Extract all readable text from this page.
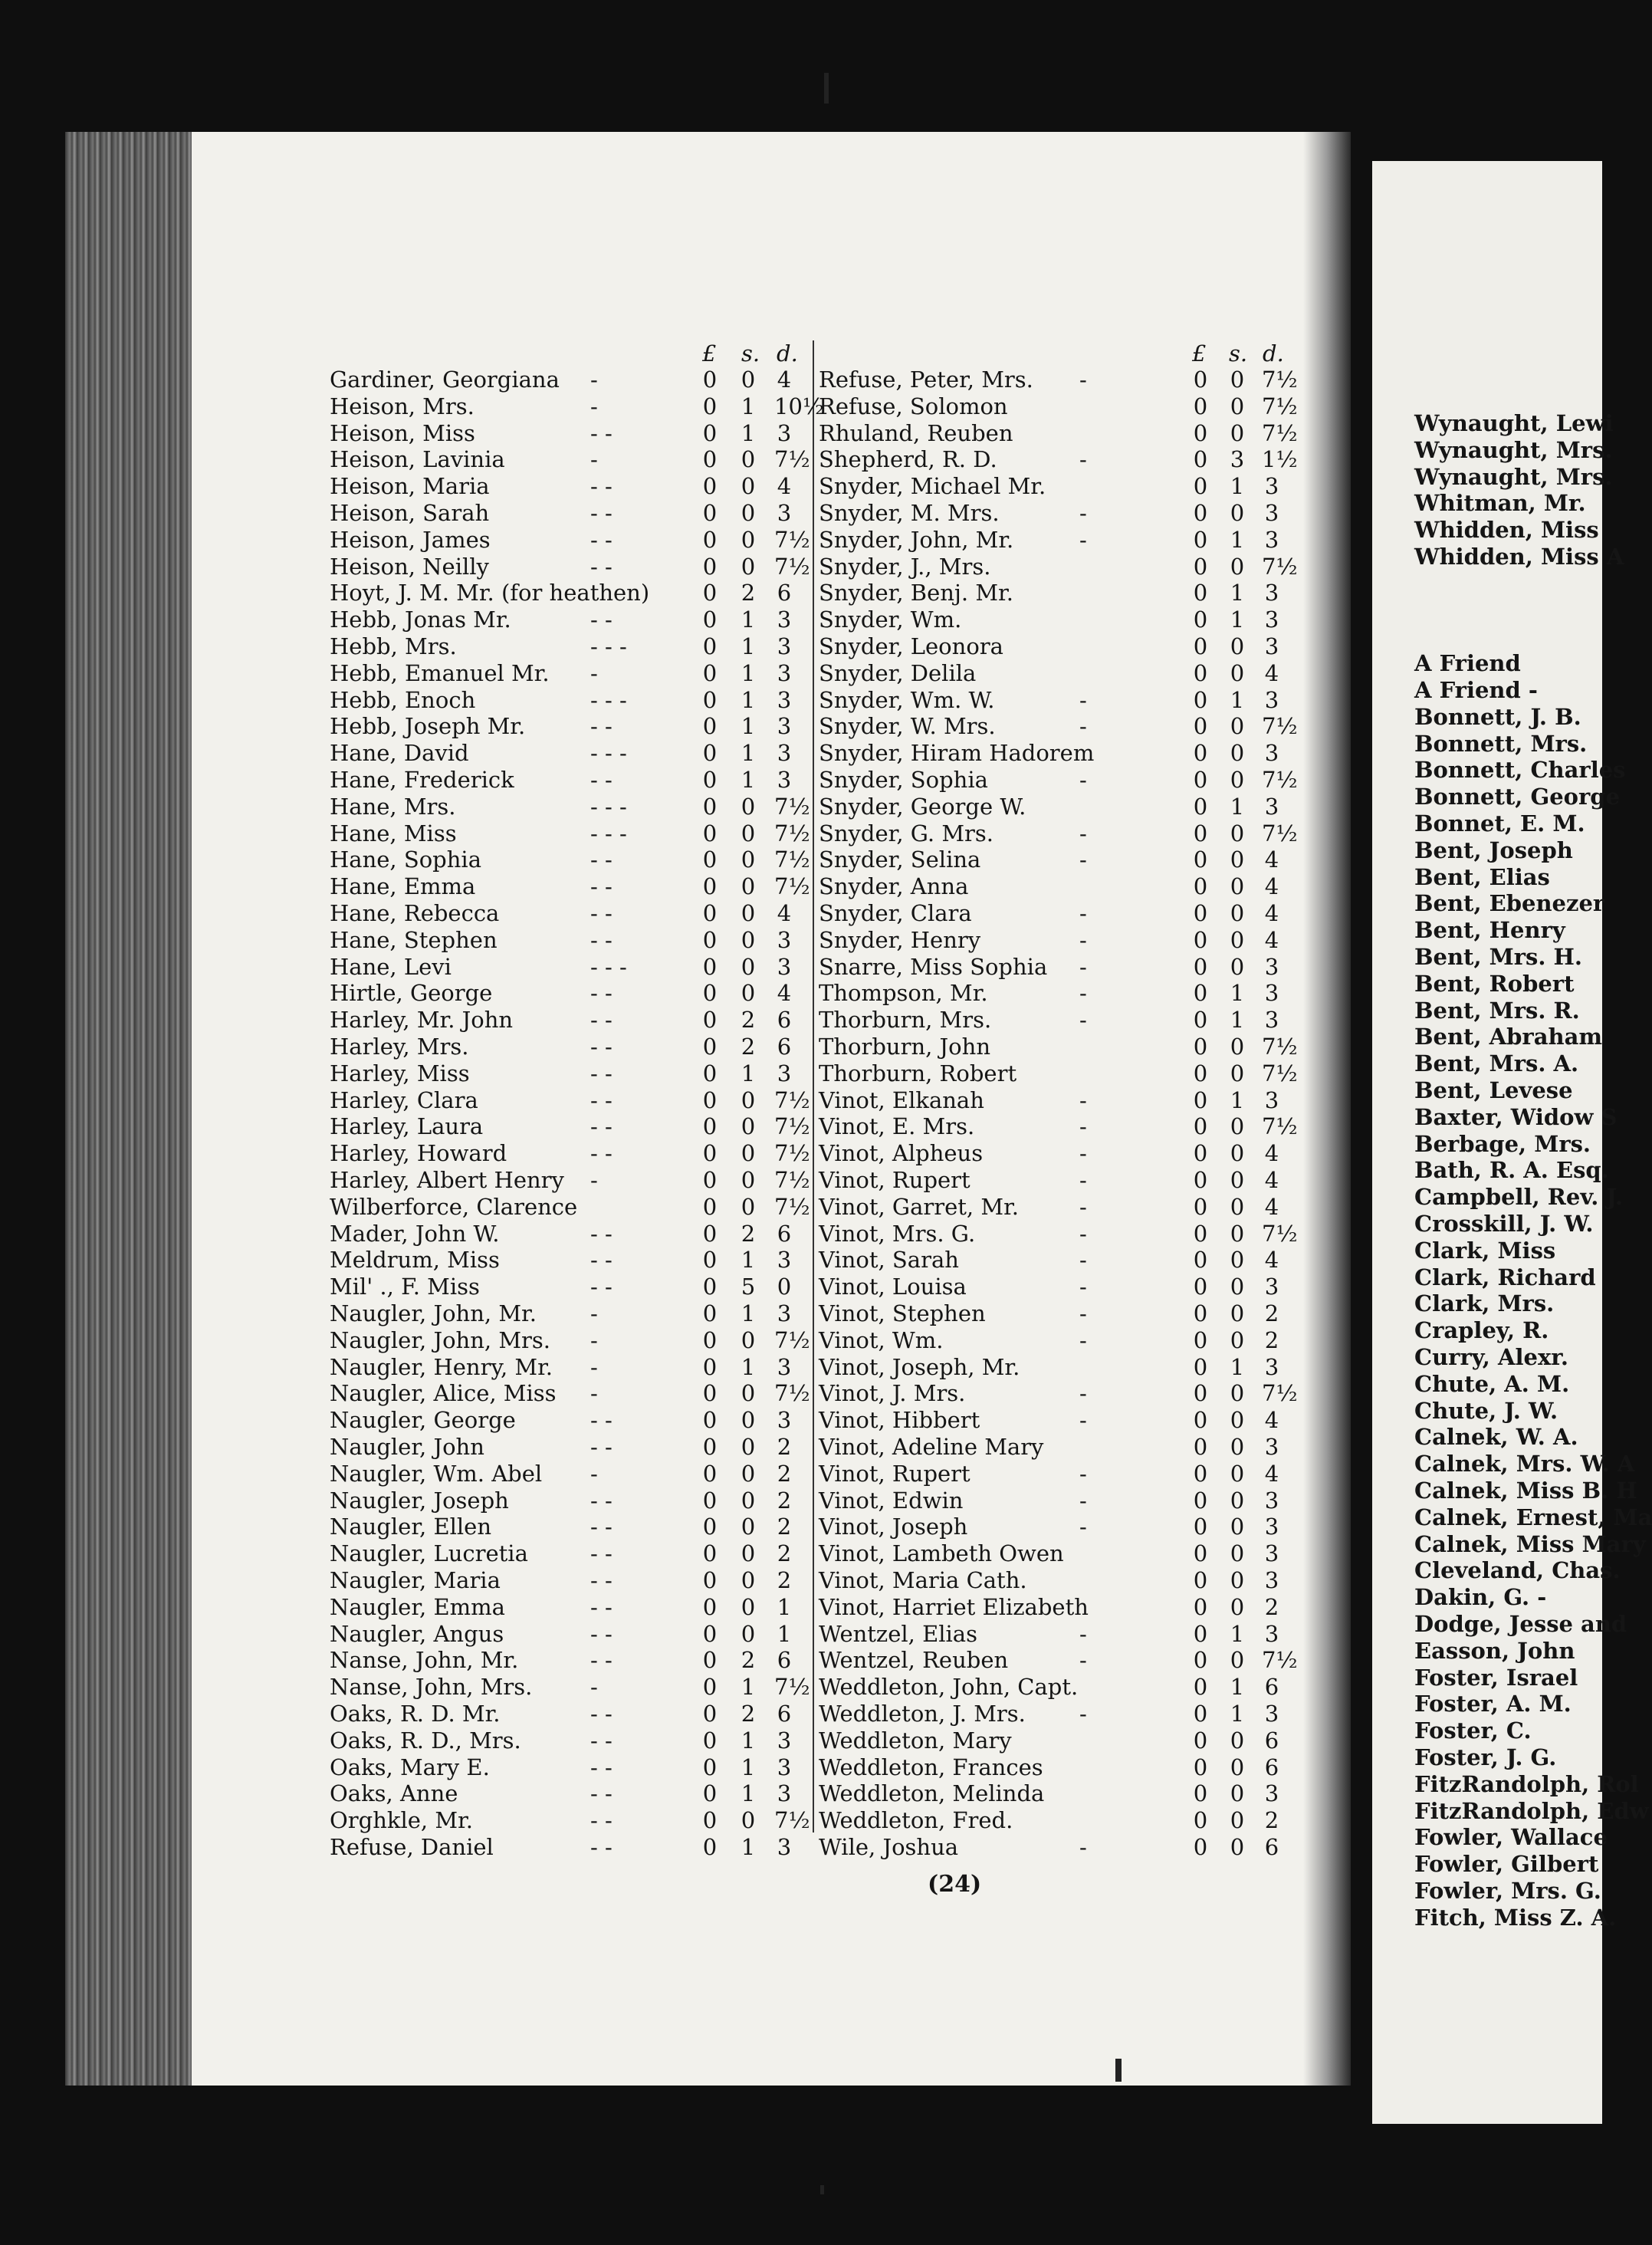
£ s. d.	£ s. d.
Gardiner, Georgiana -	0 0 4
Heison, Mrs.	-	0 1 10½
Heison, Miss	- -	0 1 3
Heison, Lavinia	-	0 0 7½
Heison, Maria	- -	0 0 4
Heison, Sarah	- -	0 0 3
Heison, James	- -	0 0 7½
Heison, Neilly	- -	0 0 7½
Hoyt, J. M. Mr. (for heathen) 0 2 6
Hebb, Jonas Mr.	- -	0 1 3
Hebb, Mrs.	- - -	0 1 3
Hebb, Emanuel Mr. -	0 1 3
Hebb, Enoch	- - -	0 1 3
Hebb, Joseph Mr.	- -	0 1 3
Hane, David	- - -	0 1 3
Hane, Frederick	- -	0 1 3
Hane, Mrs.	- - -	0 0 7½
Hane, Miss	- - -	0 0 7½
Hane, Sophia	- -	0 0 7½
Hane, Emma	- -	0 0 7½
Hane, Rebecca	- -	0 0 4
Hane, Stephen	- -	0 0 3
Hane, Levi	- - -	0 0 3
Hirtle, George	- -	0 0 4
Harley, Mr. John	- -	0 2 6
Harley, Mrs.	- -	0 2 6
Harley, Miss	- -	0 1 3
Harley, Clara	- -	0 0 7½
Harley, Laura	- -	0 0 7½
Harley, Howard	- -	0 0 7½
Harley, Albert Henry -	0 0 7½
Wilberforce, Clarence	0 0 7½
Mader, John W.	- -	0 2 6
Meldrum, Miss	- -	0 1 3
Mil' ., F. Miss	- -	0 5 0
Naugler, John, Mr. -	0 1 3
Naugler, John, Mrs. -	0 0 7½
Naugler, Henry, Mr. -	0 1 3
Naugler, Alice, Miss -	0 0 7½
Naugler, George	- -	0 0 3
Naugler, John	- -	0 0 2
Naugler, Wm. Abel -	0 0 2
Naugler, Joseph	- -	0 0 2
Naugler, Ellen	- -	0 0 2
Naugler, Lucretia	- -	0 0 2
Naugler, Maria	- -	0 0 2
Naugler, Emma	- -	0 0 1
Naugler, Angus	- -	0 0 1
Nanse, John, Mr.	- -	0 2 6
Nanse, John, Mrs.	-	0 1 7½
Oaks, R. D. Mr.	- -	0 2 6
Oaks, R. D., Mrs.	- -	0 1 3
Oaks, Mary E.	- -	0 1 3
Oaks, Anne	- -	0 1 3
Orghkle, Mr.	- -	0 0 7½
Refuse, Daniel	- -	0 1 3
Refuse, Peter, Mrs. -	0 0 7½
Refuse, Solomon	0 0 7½
Rhuland, Reuben	0 0 7½
Shepherd, R. D.	-	0 3 1½
Snyder, Michael Mr.	0 1 3
Snyder, M. Mrs.	-	0 0 3
Snyder, John, Mr.	-	0 1 3
Snyder, J., Mrs.	0 0 7½
Snyder, Benj. Mr.	0 1 3
Snyder, Wm.	0 1 3
Snyder, Leonora	0 0 3
Snyder, Delila	0 0 4
Snyder, Wm. W.	-	0 1 3
Snyder, W. Mrs.	-	0 0 7½
Snyder, Hiram Hadorem	0 0 3
Snyder, Sophia	-	0 0 7½
Snyder, George W.	0 1 3
Snyder, G. Mrs.	-	0 0 7½
Snyder, Selina	-	0 0 4
Snyder, Anna	0 0 4
Snyder, Clara	-	0 0 4
Snyder, Henry	-	0 0 4
Snarre, Miss Sophia -	0 0 3
Thompson, Mr.	-	0 1 3
Thorburn, Mrs.	-	0 1 3
Thorburn, John	0 0 7½
Thorburn, Robert	0 0 7½
Vinot, Elkanah	-	0 1 3
Vinot, E. Mrs.	-	0 0 7½
Vinot, Alpheus	-	0 0 4
Vinot, Rupert	-	0 0 4
Vinot, Garret, Mr.	-	0 0 4
Vinot, Mrs. G.	-	0 0 7½
Vinot, Sarah	-	0 0 4
Vinot, Louisa	-	0 0 3
Vinot, Stephen	-	0 0 2
Vinot, Wm.	-	0 0 2
Vinot, Joseph, Mr.	0 1 3
Vinot, J. Mrs.	-	0 0 7½
Vinot, Hibbert	-	0 0 4
Vinot, Adeline Mary	0 0 3
Vinot, Rupert	-	0 0 4
Vinot, Edwin	-	0 0 3
Vinot, Joseph	-	0 0 3
Vinot, Lambeth Owen	0 0 3
Vinot, Maria Cath.	0 0 3
Vinot, Harriet Elizabeth	0 0 2
Wentzel, Elias	-	0 1 3
Wentzel, Reuben	-	0 0 7½
Weddleton, John, Capt.	0 1 6
Weddleton, J. Mrs. -	0 1 3
Weddleton, Mary	0 0 6
Weddleton, Frances	0 0 6
Weddleton, Melinda	0 0 3
Weddleton, Fred.	0 0 2
Wile, Joshua	-	0 0 6
Wynaught, Lewi
Wynaught, Mrs.
Wynaught, Mrs.
Whitman, Mr.
Whidden, Miss
Whidden, Miss A
A Friend
A Friend -
Bonnett, J. B.
Bonnett, Mrs.
Bonnett, Charles
Bonnett, George
Bonnet, E. M.
Bent, Joseph
Bent, Elias
Bent, Ebenezer
Bent, Henry
Bent, Mrs. H.
Bent, Robert
Bent, Mrs. R.
Bent, Abraham
Bent, Mrs. A.
Bent, Levese
Baxter, Widow S
Berbage, Mrs.
Bath, R. A. Esq.
Campbell, Rev. J.
Crosskill, J. W.
Clark, Miss
Clark, Richard
Clark, Mrs.
Crapley, R.
Curry, Alexr.
Chute, A. M.
Chute, J. W.
Calnek, W. A.
Calnek, Mrs. W. A
Calnek, Miss B. H
Calnek, Ernest, Ma
Calnek, Miss Mary
Cleveland, Chas.
Dakin, G. -
Dodge, Jesse and
Easson, John
Foster, Israel
Foster, A. M.
Foster, C.
Foster, J. G.
FitzRandolph, Rol
FitzRandolph, Edw
Fowler, Wallace
Fowler, Gilbert
Fowler, Mrs. G.
Fitch, Miss Z. A.
(24)
